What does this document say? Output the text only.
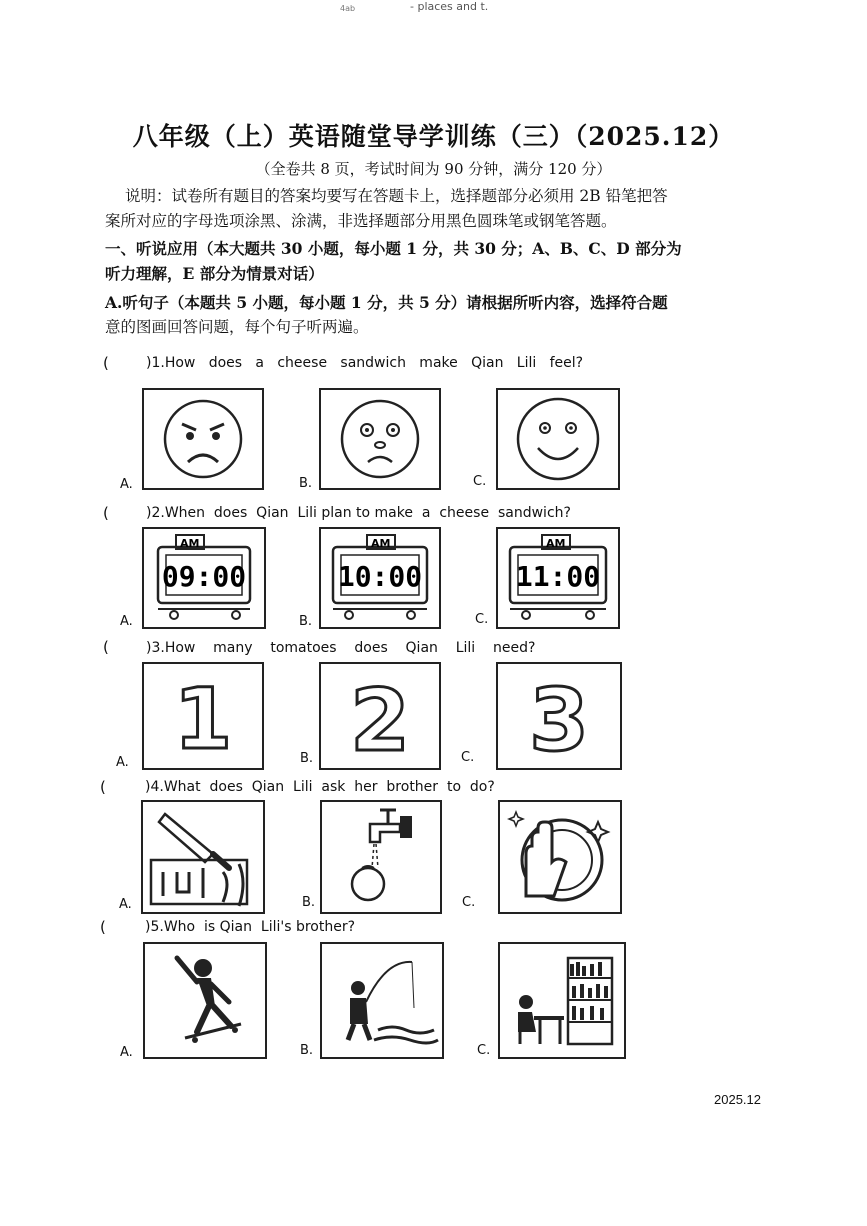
4ab	- places and t.
八年级（上）英语随堂导学训练（三）（2025.12）
（全卷共 8 页，考试时间为 90 分钟，满分 120 分）
说明：试卷所有题目的答案均要写在答题卡上，选择题部分必须用 2B 铅笔把答
案所对应的字母选项涂黑、涂满，非选择题部分用黑色圆珠笔或钢笔答题。
一、听说应用（本大题共 30 小题，每小题 1 分，共 30 分；A、B、C、D 部分为
听力理解，E 部分为情景对话）
A.听句子（本题共 5 小题，每小题 1 分，共 5 分）请根据所听内容，选择符合题
意的图画回答问题，每个句子听两遍。
(	)1.How   does   a   cheese   sandwich   make   Qian   Lili   feel?
A.	B.	C.
(	)2.When  does  Qian  Lili plan to make  a  cheese  sandwich?
AM
09:00
AM
10:00
AM
11:00
A.	B.	C.
(	)3.How    many    tomatoes    does    Qian    Lili    need?
1 2 3
A.	B.	C.
(	)4.What  does  Qian  Lili  ask  her  brother  to  do?
A.	B.	C.
(	)5.Who  is Qian  Lili's brother?
A.	B.	C.
2025.12
